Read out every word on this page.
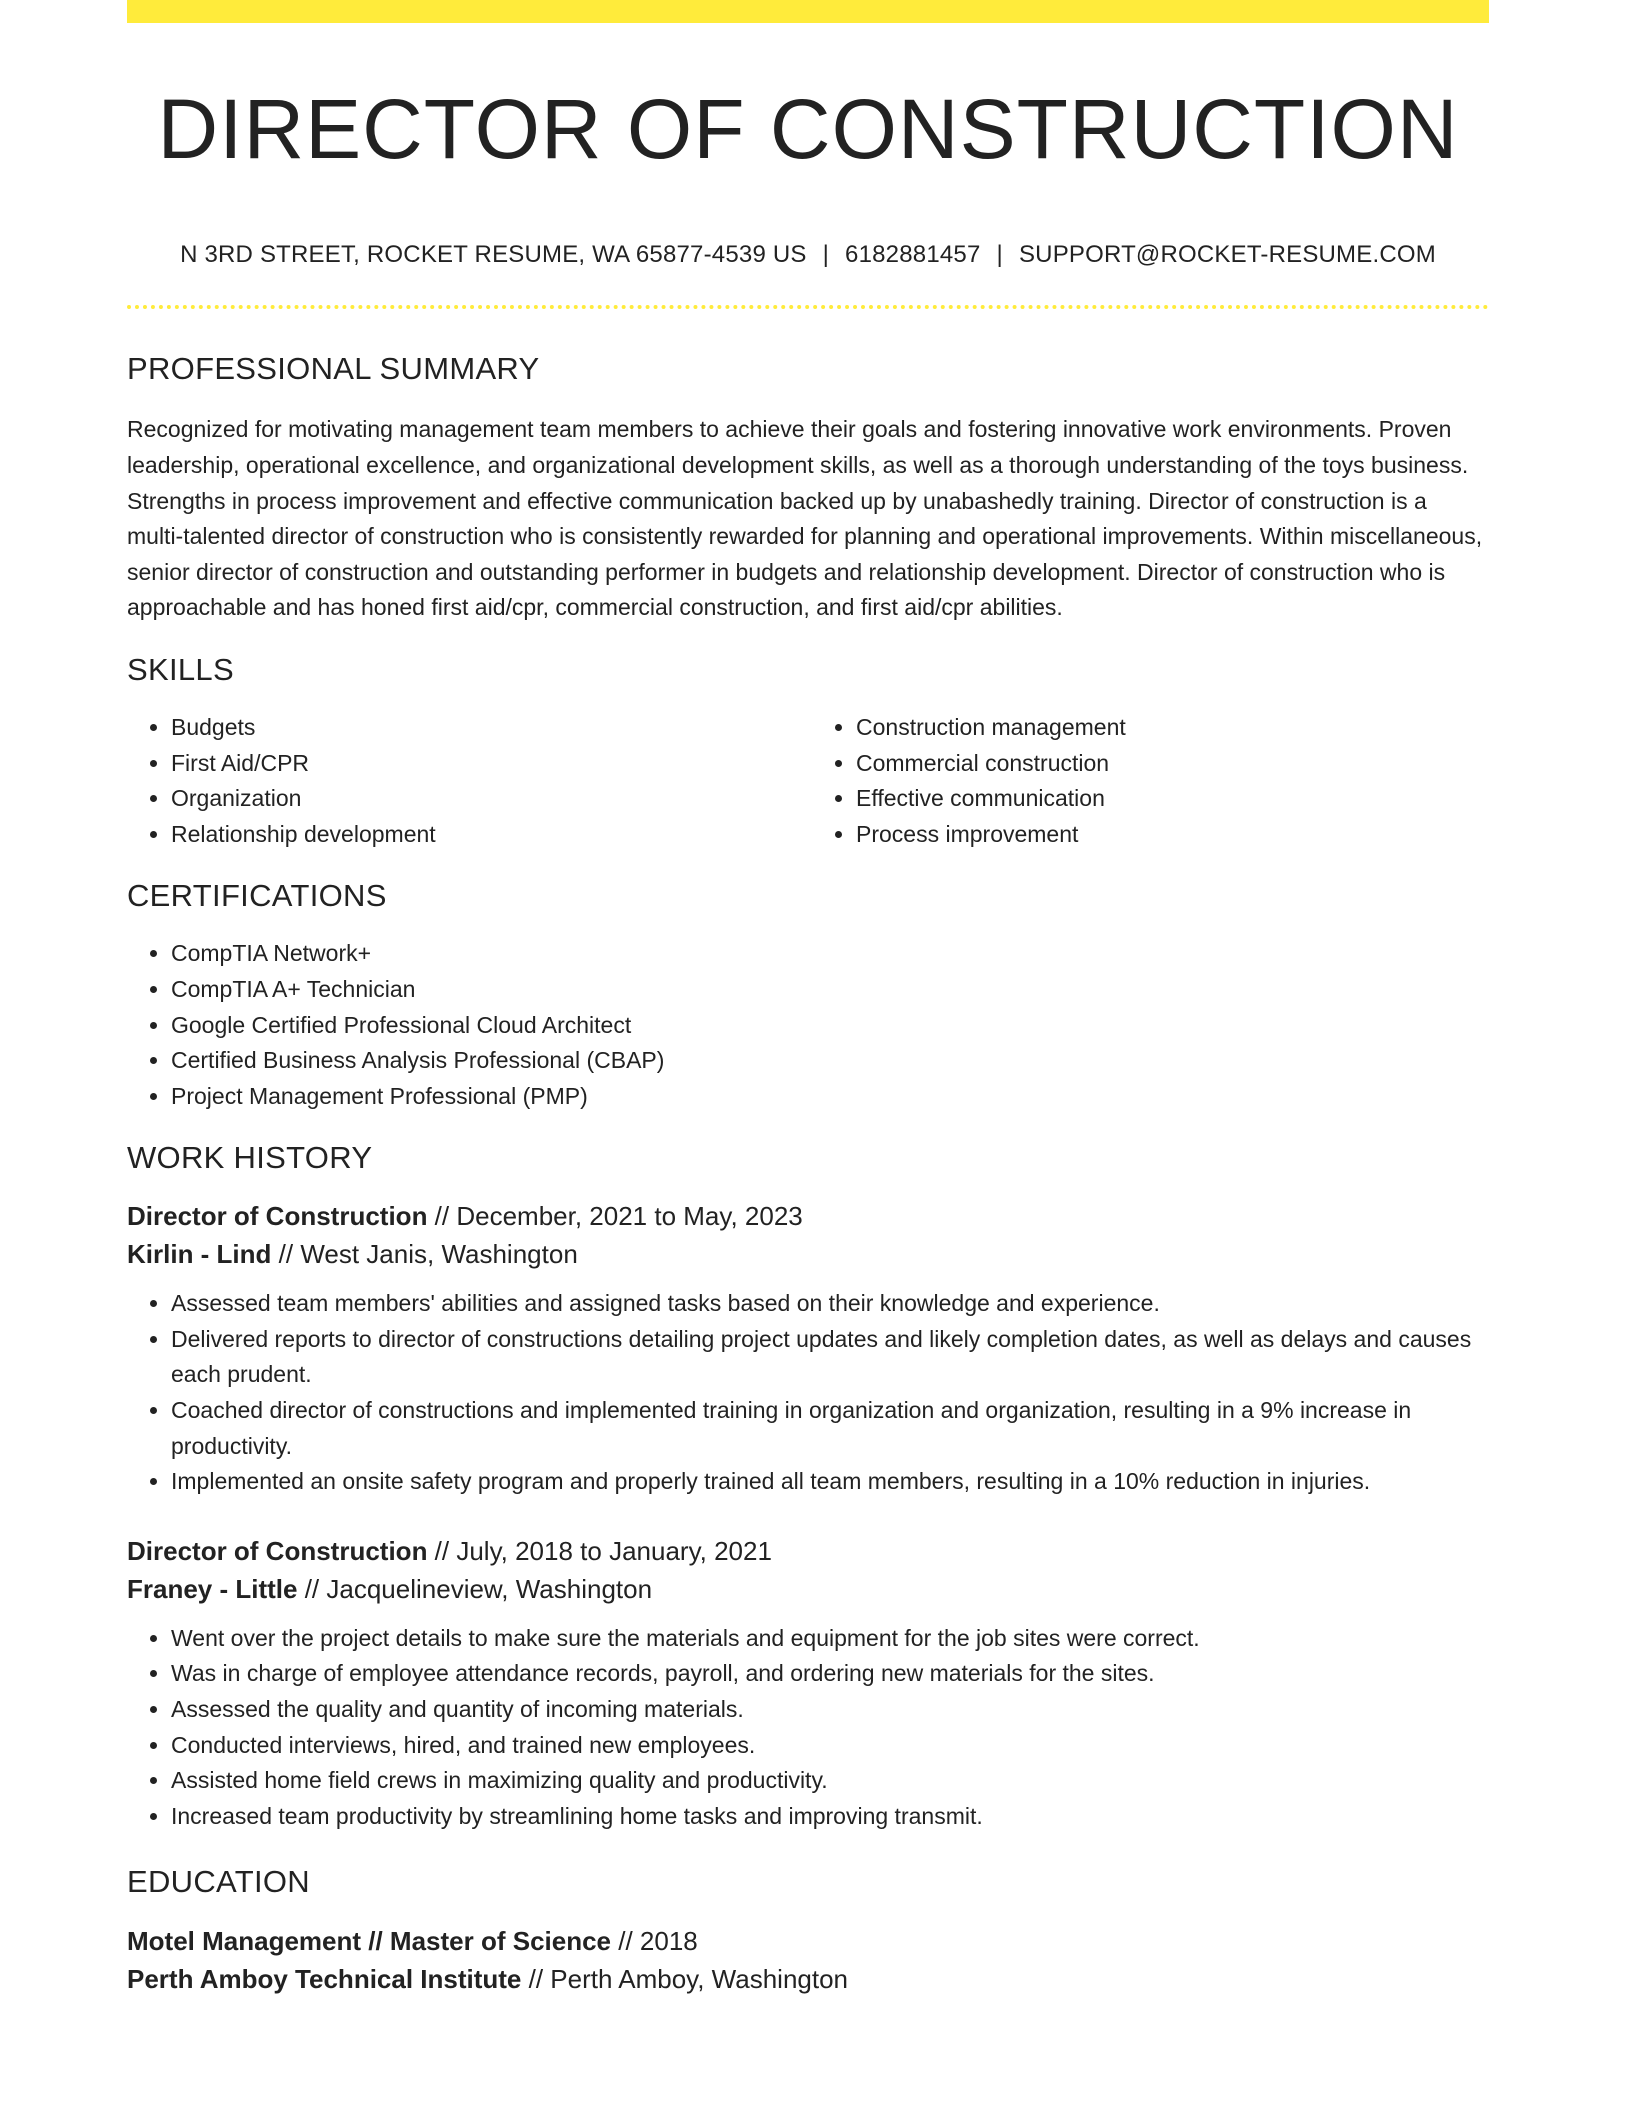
DIRECTOR OF CONSTRUCTION
N 3RD STREET, ROCKET RESUME, WA 65877-4539 US | 6182881457 | SUPPORT@ROCKET-RESUME.COM
PROFESSIONAL SUMMARY

Recognized for motivating management team members to achieve their goals and fostering innovative work environments. Proven leadership, operational excellence, and organizational development skills, as well as a thorough understanding of the toys business. Strengths in process improvement and effective communication backed up by unabashedly training. Director of construction is a multi-talented director of construction who is consistently rewarded for planning and operational improvements. Within miscellaneous, senior director of construction and outstanding performer in budgets and relationship development. Director of construction who is approachable and has honed first aid/cpr, commercial construction, and first aid/cpr abilities.

SKILLS
• Budgets
• First Aid/CPR
• Organization
• Relationship development
• Construction management
• Commercial construction
• Effective communication
• Process improvement
CERTIFICATIONS
• CompTIA Network+
• CompTIA A+ Technician
• Google Certified Professional Cloud Architect
• Certified Business Analysis Professional (CBAP)
• Project Management Professional (PMP)
WORK HISTORY
Director of Construction // December, 2021 to May, 2023
Kirlin - Lind // West Janis, Washington
• Assessed team members' abilities and assigned tasks based on their knowledge and experience.
• Delivered reports to director of constructions detailing project updates and likely completion dates, as well as delays and causes each prudent.
• Coached director of constructions and implemented training in organization and organization, resulting in a 9% increase in productivity.
• Implemented an onsite safety program and properly trained all team members, resulting in a 10% reduction in injuries.
Director of Construction // July, 2018 to January, 2021
Franey - Little // Jacquelineview, Washington
• Went over the project details to make sure the materials and equipment for the job sites were correct.
• Was in charge of employee attendance records, payroll, and ordering new materials for the sites.
• Assessed the quality and quantity of incoming materials.
• Conducted interviews, hired, and trained new employees.
• Assisted home field crews in maximizing quality and productivity.
• Increased team productivity by streamlining home tasks and improving transmit.
EDUCATION
Motel Management // Master of Science // 2018
Perth Amboy Technical Institute // Perth Amboy, Washington
